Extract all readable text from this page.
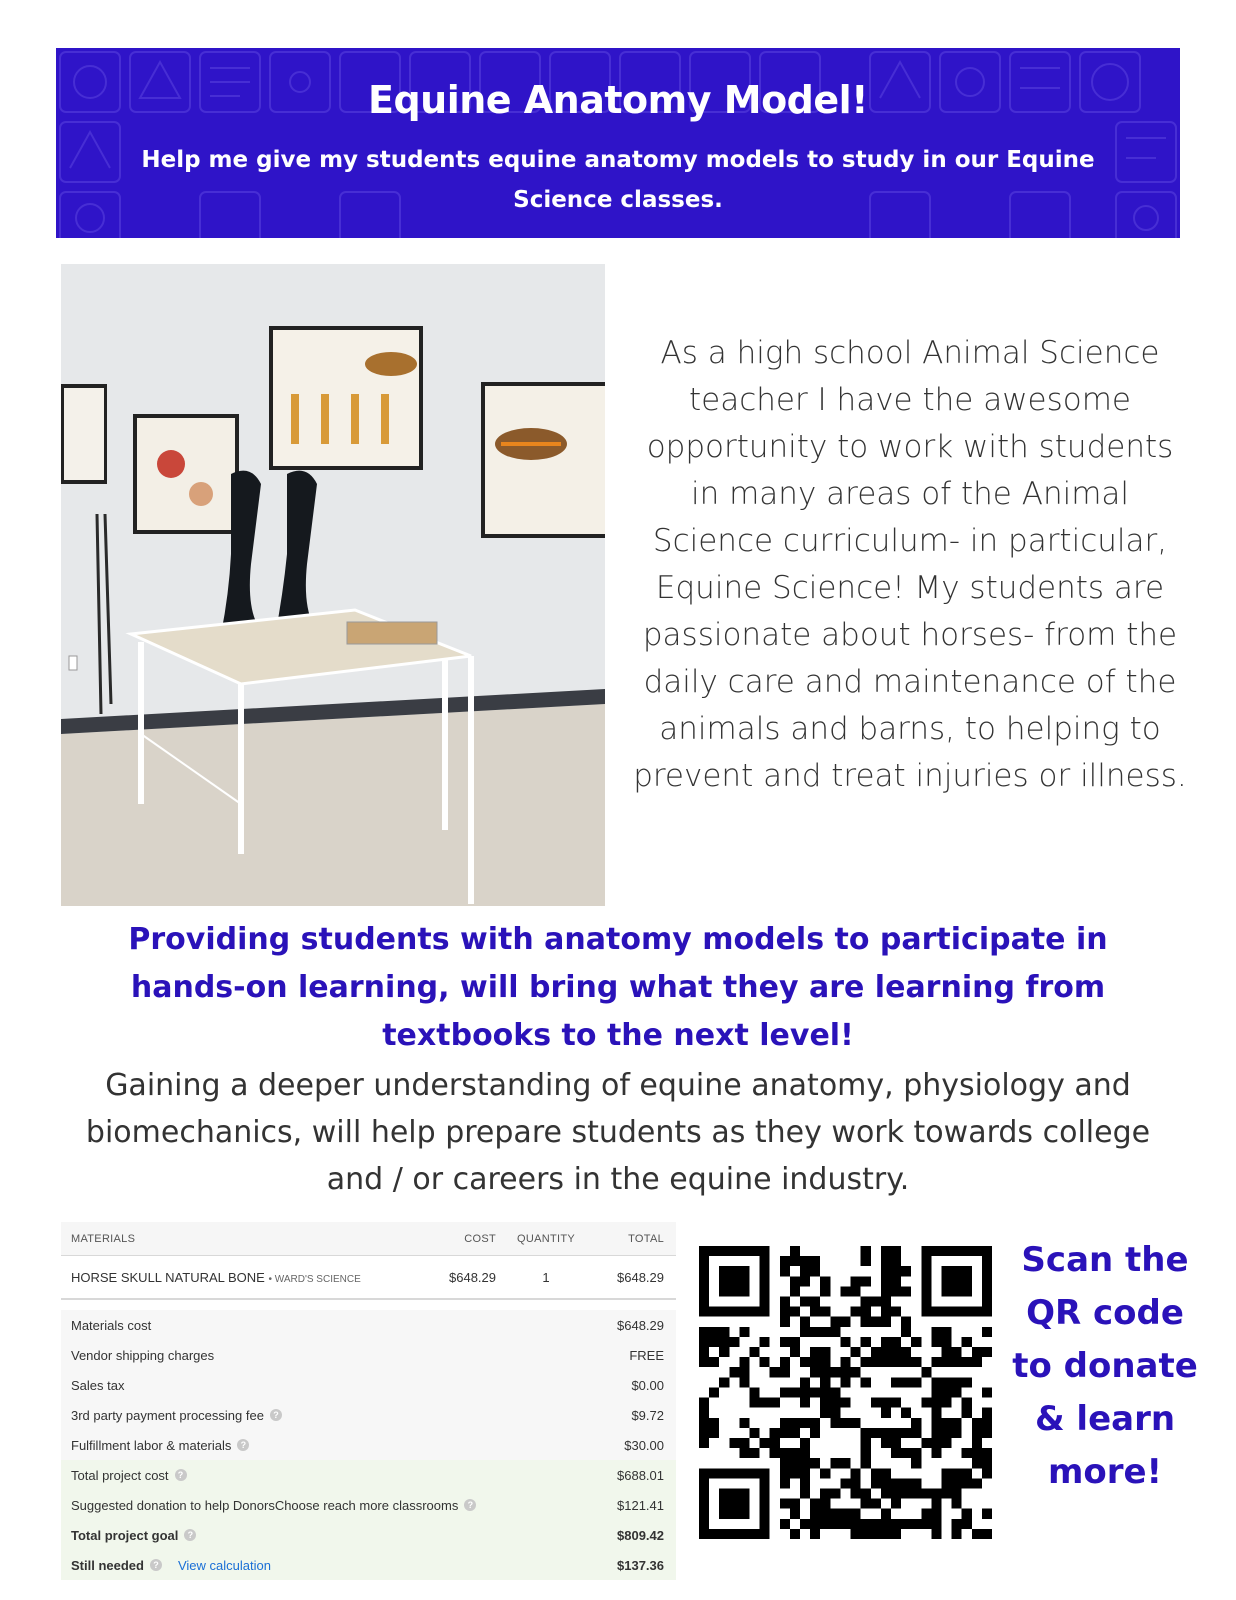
Equine Anatomy Model!
Help me give my students equine anatomy models to study in our Equine Science classes.
As a high school Animal Science teacher I have the awesome opportunity to work with students in many areas of the Animal Science curriculum- in particular, Equine Science! My students are passionate about horses- from the daily care and maintenance of the animals and barns, to helping to prevent and treat injuries or illness.
Providing students with anatomy models to participate in hands-on learning, will bring what they are learning from textbooks to the next level!
Gaining a deeper understanding of equine anatomy, physiology and biomechanics, will help prepare students as they work towards college and / or careers in the equine industry.
MATERIALS	COST	QUANTITY	TOTAL
HORSE SKULL NATURAL BONE • WARD'S SCIENCE	$648.29	1	$648.29
Materials cost	$648.29
Vendor shipping charges	FREE
Sales tax	$0.00
3rd party payment processing fee	?	$9.72
Fulfillment labor & materials	?	$30.00
Total project cost	?	$688.01
Suggested donation to help DonorsChoose reach more classrooms	?	$121.41
Total project goal	?	$809.42
Still needed	? View calculation	$137.36
Scan the QR code to donate & learn more!
